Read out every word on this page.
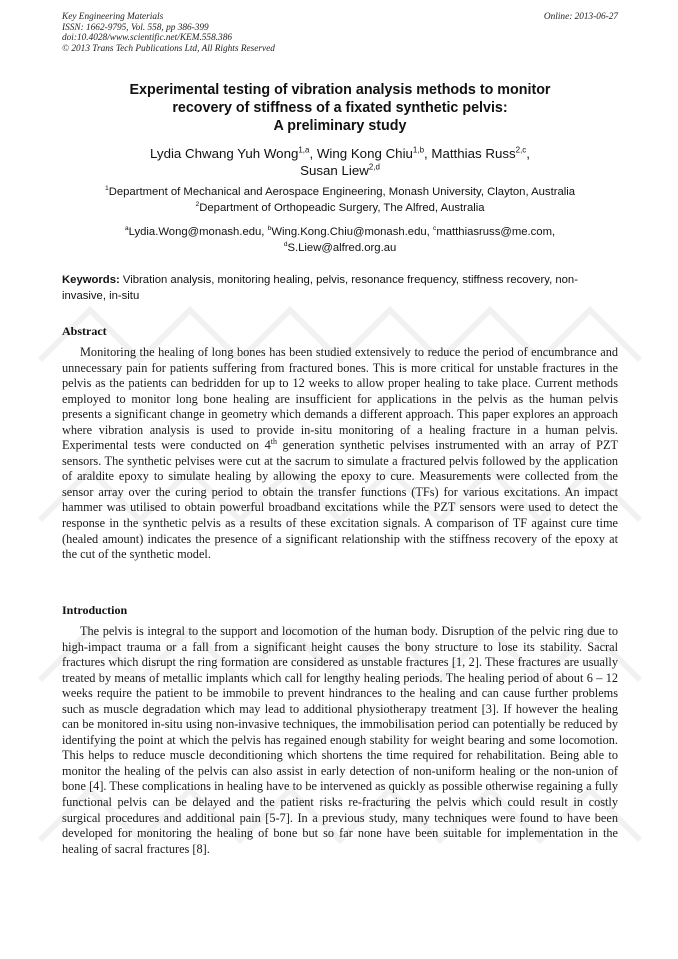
Key Engineering Materials
ISSN: 1662-9795, Vol. 558, pp 386-399
doi:10.4028/www.scientific.net/KEM.558.386
© 2013 Trans Tech Publications Ltd, All Rights Reserved
Online: 2013-06-27
Experimental testing of vibration analysis methods to monitor
recovery of stiffness of a fixated synthetic pelvis:
A preliminary study
Lydia Chwang Yuh Wong$^{1,a}$, Wing Kong Chiu$^{1,b}$, Matthias Russ$^{2,c}$,
Susan Liew$^{2,d}$
$^1$Department of Mechanical and Aerospace Engineering, Monash University, Clayton, Australia
$^2$Department of Orthopeadic Surgery, The Alfred, Australia
$^a$Lydia.Wong@monash.edu, $^b$Wing.Kong.Chiu@monash.edu, $^c$matthiasruss@me.com,
$^d$S.Liew@alfred.org.au
Keywords: Vibration analysis, monitoring healing, pelvis, resonance frequency, stiffness recovery, non-invasive, in-situ
Abstract
Monitoring the healing of long bones has been studied extensively to reduce the period of encumbrance and unnecessary pain for patients suffering from fractured bones. This is more critical for unstable fractures in the pelvis as the patients can bedridden for up to 12 weeks to allow proper healing to take place. Current methods employed to monitor long bone healing are insufficient for applications in the pelvis as the human pelvis presents a significant change in geometry which demands a different approach. This paper explores an approach where vibration analysis is used to provide in-situ monitoring of a healing fracture in a human pelvis. Experimental tests were conducted on 4th generation synthetic pelvises instrumented with an array of PZT sensors. The synthetic pelvises were cut at the sacrum to simulate a fractured pelvis followed by the application of araldite epoxy to simulate healing by allowing the epoxy to cure. Measurements were collected from the sensor array over the curing period to obtain the transfer functions (TFs) for various excitations. An impact hammer was utilised to obtain powerful broadband excitations while the PZT sensors were used to detect the response in the synthetic pelvis as a results of these excitation signals. A comparison of TF against cure time (healed amount) indicates the presence of a significant relationship with the stiffness recovery of the epoxy at the cut of the synthetic model.
Introduction
The pelvis is integral to the support and locomotion of the human body. Disruption of the pelvic ring due to high-impact trauma or a fall from a significant height causes the bony structure to lose its stability. Sacral fractures which disrupt the ring formation are considered as unstable fractures [1, 2]. These fractures are usually treated by means of metallic implants which call for lengthy healing periods. The healing period of about 6 – 12 weeks require the patient to be immobile to prevent hindrances to the healing and can cause further problems such as muscle degradation which may lead to additional physiotherapy treatment [3]. If however the healing can be monitored in-situ using non-invasive techniques, the immobilisation period can potentially be reduced by identifying the point at which the pelvis has regained enough stability for weight bearing and some locomotion. This helps to reduce muscle deconditioning which shortens the time required for rehabilitation. Being able to monitor the healing of the pelvis can also assist in early detection of non-uniform healing or the non-union of bone [4]. These complications in healing have to be intervened as quickly as possible otherwise regaining a fully functional pelvis can be delayed and the patient risks re-fracturing the pelvis which could result in costly surgical procedures and additional pain [5-7]. In a previous study, many techniques were found to have been developed for monitoring the healing of bone but so far none have been suitable for implementation in the healing of sacral fractures [8].
